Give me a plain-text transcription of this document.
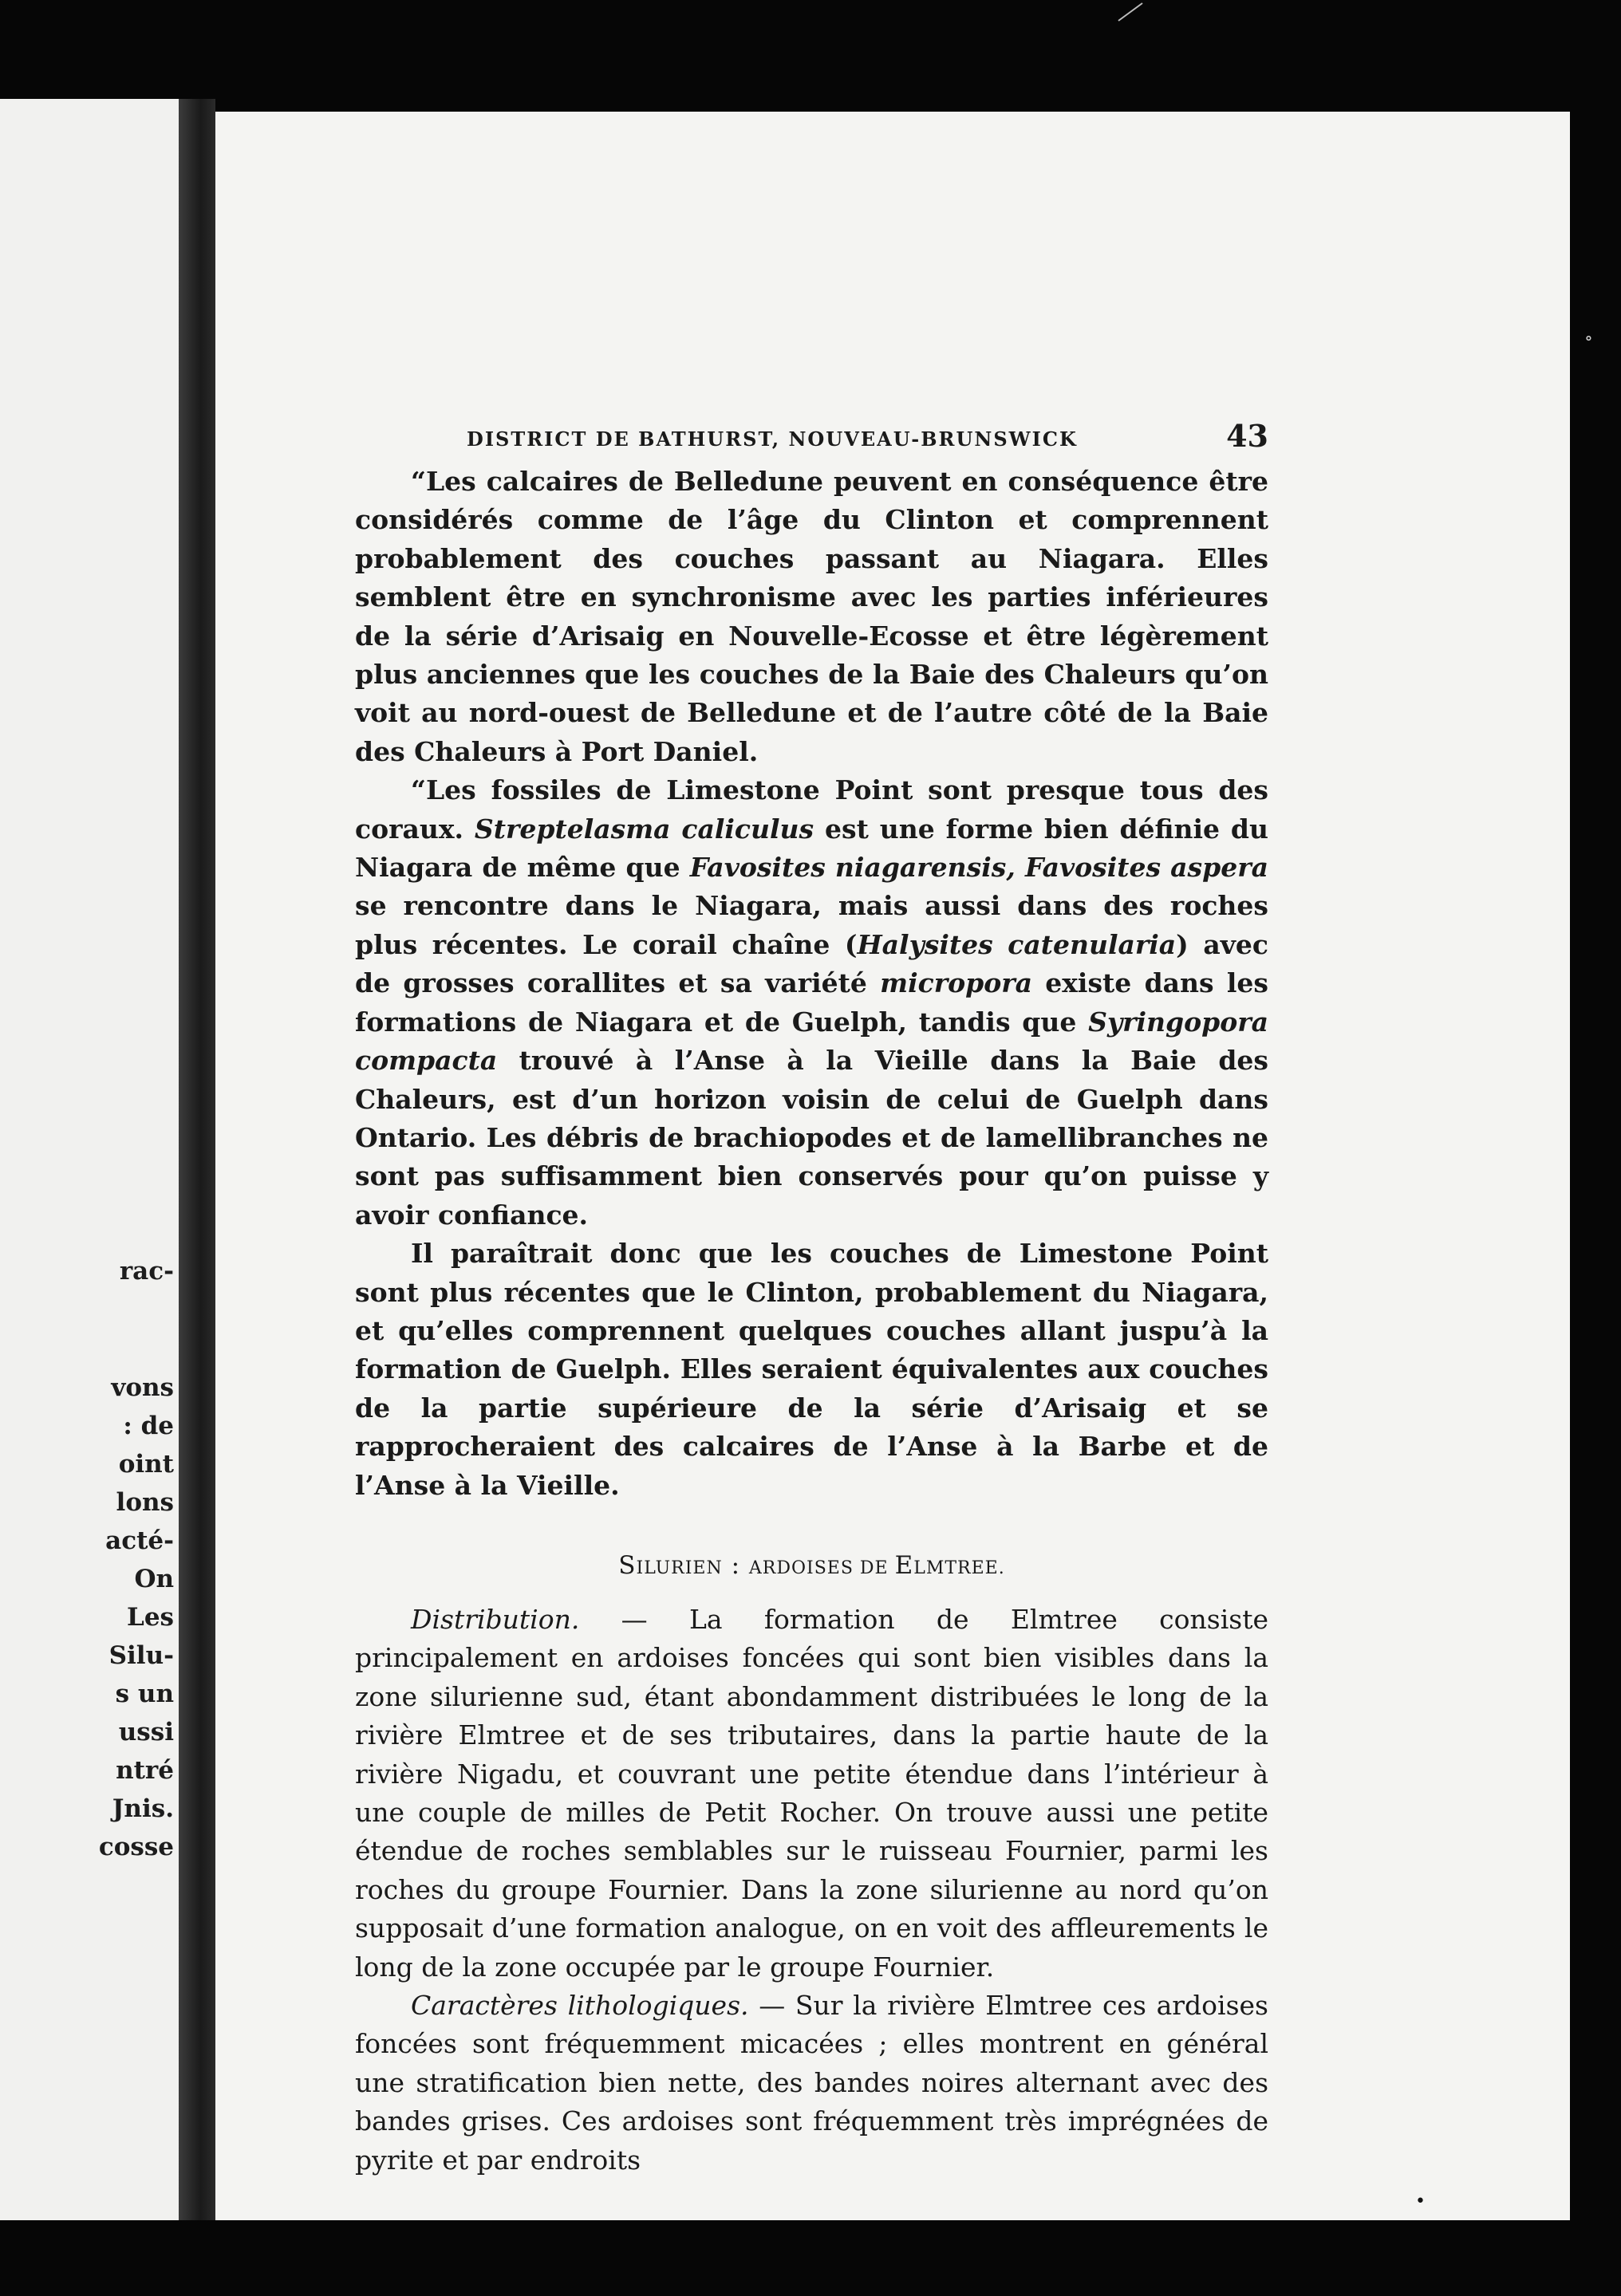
rac-
vons
: de
oint
lons
acté-
On
Les
Silu-
s un
ussi
ntré
Jnis.
cosse
DISTRICT DE BATHURST, NOUVEAU-BRUNSWICK	43

“Les calcaires de Belledune peuvent en conséquence être considérés comme de l’âge du Clinton et comprennent probablement des couches passant au Niagara. Elles semblent être en synchronisme avec les parties inférieures de la série d’Arisaig en Nouvelle-Ecosse et être légèrement plus anciennes que les couches de la Baie des Chaleurs qu’on voit au nord-ouest de Belledune et de l’autre côté de la Baie des Chaleurs à Port Daniel.

“Les fossiles de Limestone Point sont presque tous des coraux. Streptelasma caliculus est une forme bien définie du Niagara de même que Favosites niagarensis, Favosites aspera se rencontre dans le Niagara, mais aussi dans des roches plus récentes. Le corail chaîne (Halysites catenularia) avec de grosses corallites et sa variété micropora existe dans les formations de Niagara et de Guelph, tandis que Syringopora compacta trouvé à l’Anse à la Vieille dans la Baie des Chaleurs, est d’un horizon voisin de celui de Guelph dans Ontario. Les débris de brachiopodes et de lamellibranches ne sont pas suffisamment bien conservés pour qu’on puisse y avoir confiance.

Il paraîtrait donc que les couches de Limestone Point sont plus récentes que le Clinton, probablement du Niagara, et qu’elles comprennent quelques couches allant juspu’à la formation de Guelph. Elles seraient équivalentes aux couches de la partie supérieure de la série d’Arisaig et se rapprocheraient des calcaires de l’Anse à la Barbe et de l’Anse à la Vieille.

SILURIEN : ARDOISES DE ELMTREE.

Distribution. — La formation de Elmtree consiste principalement en ardoises foncées qui sont bien visibles dans la zone silurienne sud, étant abondamment distribuées le long de la rivière Elmtree et de ses tributaires, dans la partie haute de la rivière Nigadu, et couvrant une petite étendue dans l’intérieur à une couple de milles de Petit Rocher. On trouve aussi une petite étendue de roches semblables sur le ruisseau Fournier, parmi les roches du groupe Fournier. Dans la zone silurienne au nord qu’on supposait d’une formation analogue, on en voit des affleurements le long de la zone occupée par le groupe Fournier.

Caractères lithologiques. — Sur la rivière Elmtree ces ardoises foncées sont fréquemment micacées ; elles montrent en général une stratification bien nette, des bandes noires alternant avec des bandes grises. Ces ardoises sont fréquemment très imprégnées de pyrite et par endroits

∘
•
